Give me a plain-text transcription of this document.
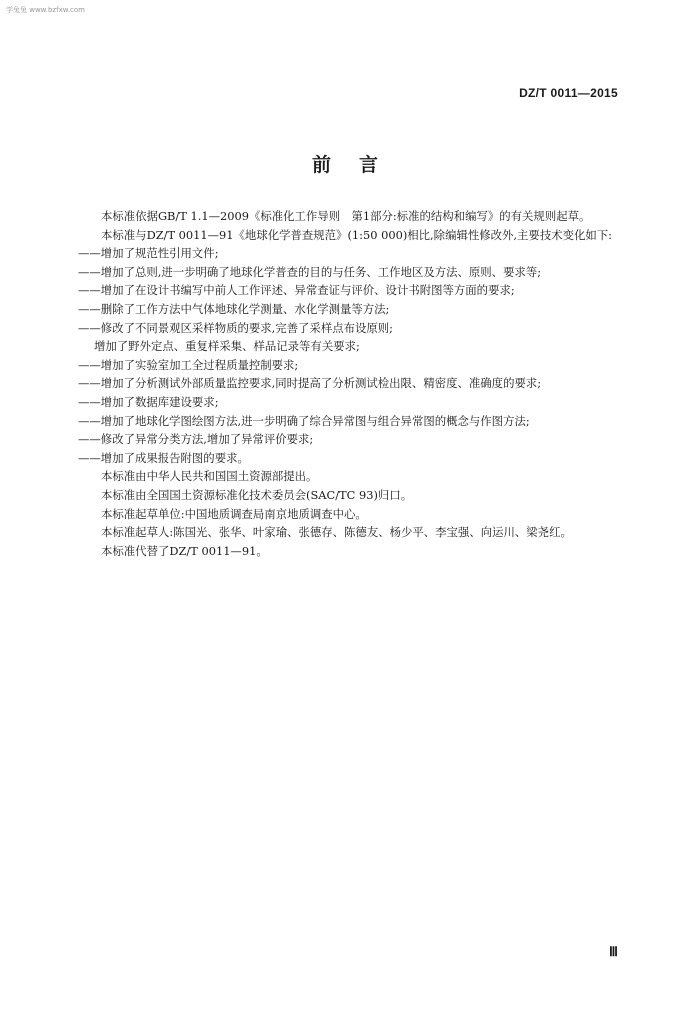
学兔兔 www.bzfxw.com
DZ/T 0011—2015
前言

本标准依据GB/T 1.1—2009《标准化工作导则　第1部分:标准的结构和编写》的有关规则起草。

本标准与DZ/T 0011—91《地球化学普查规范》(1:50 000)相比,除编辑性修改外,主要技术变化如下:

——增加了规范性引用文件;

——增加了总则,进一步明确了地球化学普查的目的与任务、工作地区及方法、原则、要求等;

——增加了在设计书编写中前人工作评述、异常查证与评价、设计书附图等方面的要求;

——删除了工作方法中气体地球化学测量、水化学测量等方法;

——修改了不同景观区采样物质的要求,完善了采样点布设原则;

增加了野外定点、重复样采集、样品记录等有关要求;

——增加了实验室加工全过程质量控制要求;

——增加了分析测试外部质量监控要求,同时提高了分析测试检出限、精密度、准确度的要求;

——增加了数据库建设要求;

——增加了地球化学图绘图方法,进一步明确了综合异常图与组合异常图的概念与作图方法;

——修改了异常分类方法,增加了异常评价要求;

——增加了成果报告附图的要求。

本标准由中华人民共和国国土资源部提出。

本标准由全国国土资源标准化技术委员会(SAC/TC 93)归口。

本标准起草单位:中国地质调查局南京地质调查中心。

本标准起草人:陈国光、张华、叶家瑜、张德存、陈德友、杨少平、李宝强、向运川、梁尧红。

本标准代替了DZ/T 0011—91。

Ⅲ
